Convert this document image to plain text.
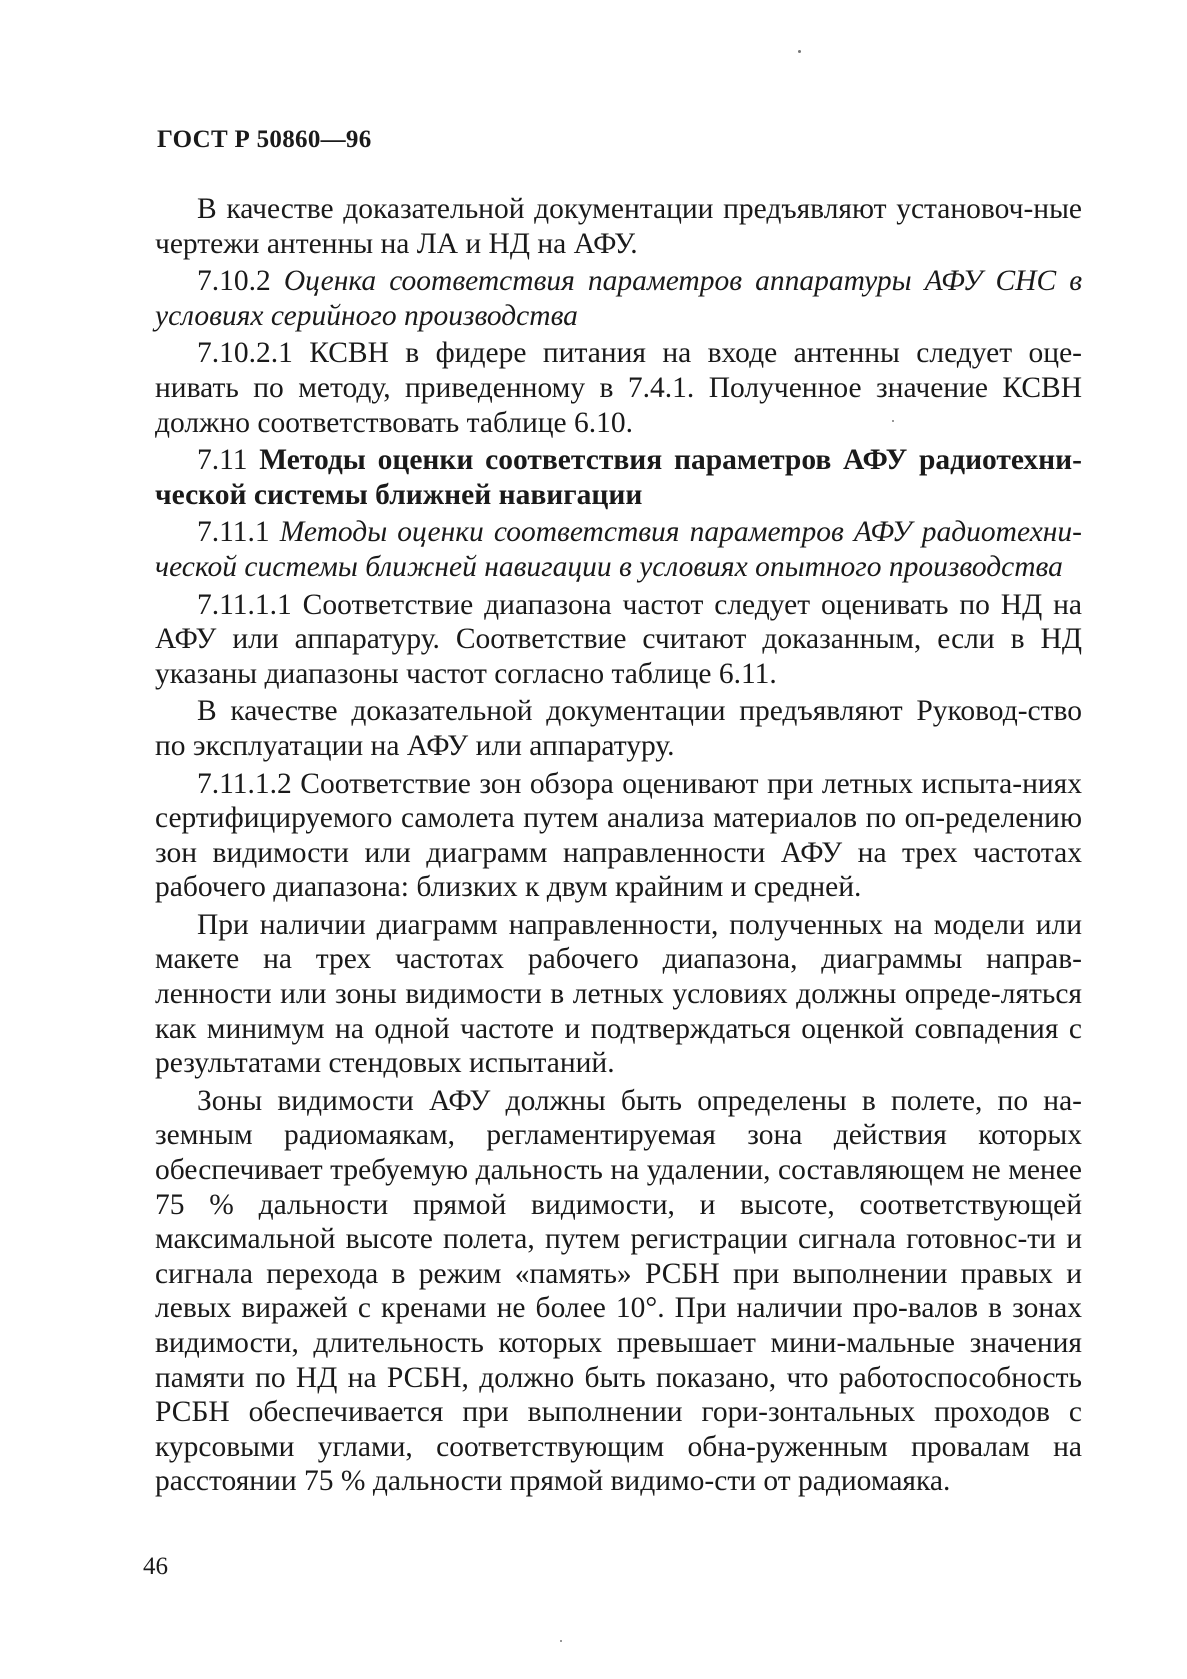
ГОСТ Р 50860—96

В качестве доказательной документации предъявляют установоч-ные чертежи антенны на ЛА и НД на АФУ.

7.10.2 Оценка соответствия параметров аппаратуры АФУ СНС в условиях серийного производства

7.10.2.1 КСВН в фидере питания на входе антенны следует оце-нивать по методу, приведенному в 7.4.1. Полученное значение КСВН должно соответствовать таблице 6.10.

7.11 Методы оценки соответствия параметров АФУ радиотехни-ческой системы ближней навигации

7.11.1 Методы оценки соответствия параметров АФУ радиотехни-ческой системы ближней навигации в условиях опытного производства

7.11.1.1 Соответствие диапазона частот следует оценивать по НД на АФУ или аппаратуру. Соответствие считают доказанным, если в НД указаны диапазоны частот согласно таблице 6.11.

В качестве доказательной документации предъявляют Руковод-ство по эксплуатации на АФУ или аппаратуру.

7.11.1.2 Соответствие зон обзора оценивают при летных испыта-ниях сертифицируемого самолета путем анализа материалов по оп-ределению зон видимости или диаграмм направленности АФУ на трех частотах рабочего диапазона: близких к двум крайним и средней.

При наличии диаграмм направленности, полученных на модели или макете на трех частотах рабочего диапазона, диаграммы направ-ленности или зоны видимости в летных условиях должны опреде-ляться как минимум на одной частоте и подтверждаться оценкой совпадения с результатами стендовых испытаний.

Зоны видимости АФУ должны быть определены в полете, по на-земным радиомаякам, регламентируемая зона действия которых обеспечивает требуемую дальность на удалении, составляющем не менее 75 % дальности прямой видимости, и высоте, соответствующей максимальной высоте полета, путем регистрации сигнала готовнос-ти и сигнала перехода в режим «память» РСБН при выполнении правых и левых виражей с кренами не более 10°. При наличии про-валов в зонах видимости, длительность которых превышает мини-мальные значения памяти по НД на РСБН, должно быть показано, что работоспособность РСБН обеспечивается при выполнении гори-зонтальных проходов с курсовыми углами, соответствующим обна-руженным провалам на расстоянии 75 % дальности прямой видимо-сти от радиомаяка.

46
